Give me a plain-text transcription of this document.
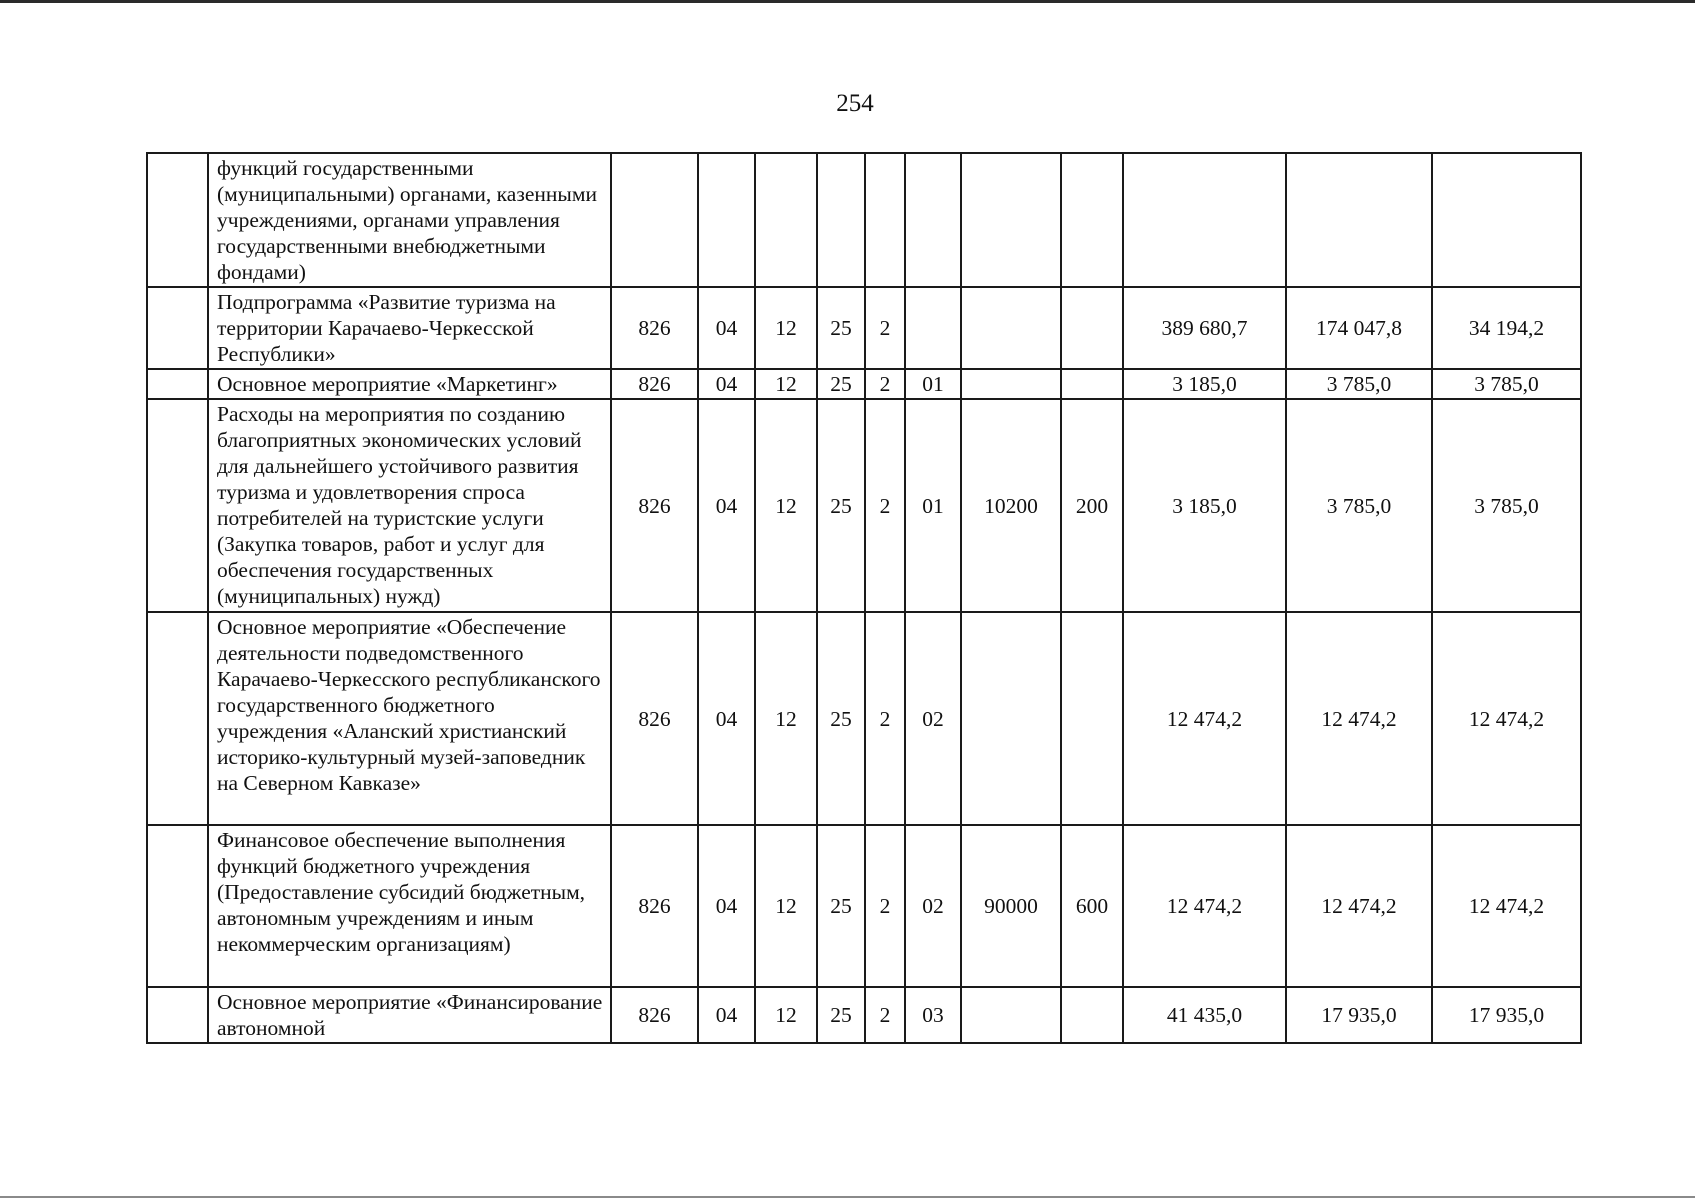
254
	функций государственными (муниципальными) органами, казенными учреждениями, органами управления государственными внебюджетными фондами)											
	Подпрограмма «Развитие туризма на территории Карачаево-Черкесской Республики»	826	04	12	25	2				389 680,7	174 047,8	34 194,2
	Основное мероприятие «Маркетинг»	826	04	12	25	2	01			3 185,0	3 785,0	3 785,0
	Расходы на мероприятия по созданию благоприятных экономических условий для дальнейшего устойчивого развития туризма и удовлетворения спроса потребителей на туристские услуги (Закупка товаров, работ и услуг для обеспечения государственных (муниципальных) нужд)	826	04	12	25	2	01	10200	200	3 185,0	3 785,0	3 785,0
	Основное мероприятие «Обеспечение деятельности подведомственного Карачаево-Черкесского республиканского государственного бюджетного учреждения «Аланский христианский историко-культурный музей-заповедник на Северном Кавказе»	826	04	12	25	2	02			12 474,2	12 474,2	12 474,2
	Финансовое обеспечение выполнения функций бюджетного учреждения (Предоставление субсидий бюджетным, автономным учреждениям и иным некоммерческим организациям)	826	04	12	25	2	02	90000	600	12 474,2	12 474,2	12 474,2
	Основное мероприятие «Финансирование автономной	826	04	12	25	2	03			41 435,0	17 935,0	17 935,0
